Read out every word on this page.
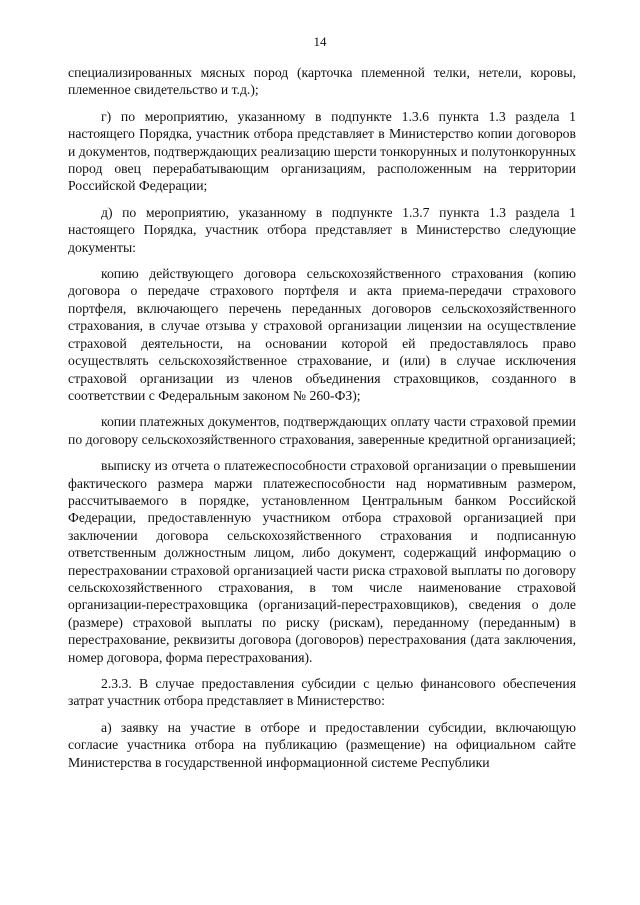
14

специализированных мясных пород (карточка племенной телки, нетели, коровы, племенное свидетельство и т.д.);

г) по мероприятию, указанному в подпункте 1.3.6 пункта 1.3 раздела 1 настоящего Порядка, участник отбора представляет в Министерство копии договоров и документов, подтверждающих реализацию шерсти тонкорунных и полутонкорунных пород овец перерабатывающим организациям, расположенным на территории Российской Федерации;

д) по мероприятию, указанному в подпункте 1.3.7 пункта 1.3 раздела 1 настоящего Порядка, участник отбора представляет в Министерство следующие документы:

копию действующего договора сельскохозяйственного страхования (копию договора о передаче страхового портфеля и акта приема-передачи страхового портфеля, включающего перечень переданных договоров сельскохозяйственного страхования, в случае отзыва у страховой организации лицензии на осуществление страховой деятельности, на основании которой ей предоставлялось право осуществлять сельскохозяйственное страхование, и (или) в случае исключения страховой организации из членов объединения страховщиков, созданного в соответствии с Федеральным законом № 260-ФЗ);

копии платежных документов, подтверждающих оплату части страховой премии по договору сельскохозяйственного страхования, заверенные кредитной организацией;

выписку из отчета о платежеспособности страховой организации о превышении фактического размера маржи платежеспособности над нормативным размером, рассчитываемого в порядке, установленном Центральным банком Российской Федерации, предоставленную участником отбора страховой организацией при заключении договора сельскохозяйственного страхования и подписанную ответственным должностным лицом, либо документ, содержащий информацию о перестраховании страховой организацией части риска страховой выплаты по договору сельскохозяйственного страхования, в том числе наименование страховой организации-перестраховщика (организаций-перестраховщиков), сведения о доле (размере) страховой выплаты по риску (рискам), переданному (переданным) в перестрахование, реквизиты договора (договоров) перестрахования (дата заключения, номер договора, форма перестрахования).

2.3.3. В случае предоставления субсидии с целью финансового обеспечения затрат участник отбора представляет в Министерство:

а) заявку на участие в отборе и предоставлении субсидии, включающую согласие участника отбора на публикацию (размещение) на официальном сайте Министерства в государственной информационной системе Республики
